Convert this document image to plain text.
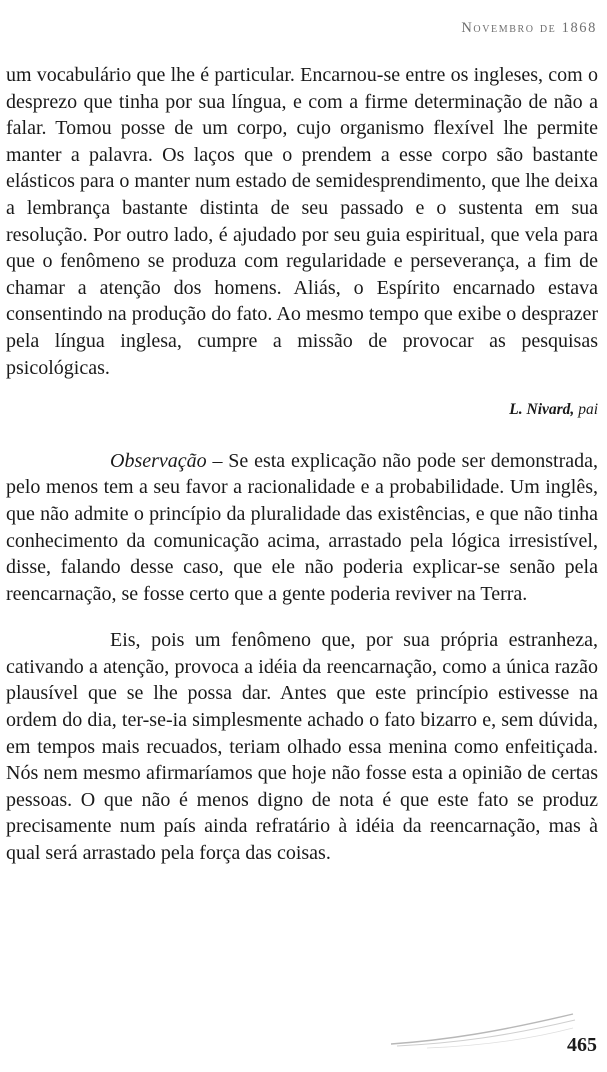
Novembro de 1868

um vocabulário que lhe é particular. Encarnou-se entre os ingleses, com o desprezo que tinha por sua língua, e com a firme determinação de não a falar. Tomou posse de um corpo, cujo organismo flexível lhe permite manter a palavra. Os laços que o prendem a esse corpo são bastante elásticos para o manter num estado de semidesprendimento, que lhe deixa a lembrança bastante distinta de seu passado e o sustenta em sua resolução. Por outro lado, é ajudado por seu guia espiritual, que vela para que o fenômeno se produza com regularidade e perseverança, a fim de chamar a atenção dos homens. Aliás, o Espírito encarnado estava consentindo na produção do fato. Ao mesmo tempo que exibe o desprazer pela língua inglesa, cumpre a missão de provocar as pesquisas psicológicas.

L. Nivard, pai

Observação – Se esta explicação não pode ser demonstrada, pelo menos tem a seu favor a racionalidade e a probabilidade. Um inglês, que não admite o princípio da pluralidade das existências, e que não tinha conhecimento da comunicação acima, arrastado pela lógica irresistível, disse, falando desse caso, que ele não poderia explicar-se senão pela reencarnação, se fosse certo que a gente poderia reviver na Terra.

Eis, pois um fenômeno que, por sua própria estranheza, cativando a atenção, provoca a idéia da reencarnação, como a única razão plausível que se lhe possa dar. Antes que este princípio estivesse na ordem do dia, ter-se-ia simplesmente achado o fato bizarro e, sem dúvida, em tempos mais recuados, teriam olhado essa menina como enfeitiçada. Nós nem mesmo afirmaríamos que hoje não fosse esta a opinião de certas pessoas. O que não é menos digno de nota é que este fato se produz precisamente num país ainda refratário à idéia da reencarnação, mas à qual será arrastado pela força das coisas.

465
